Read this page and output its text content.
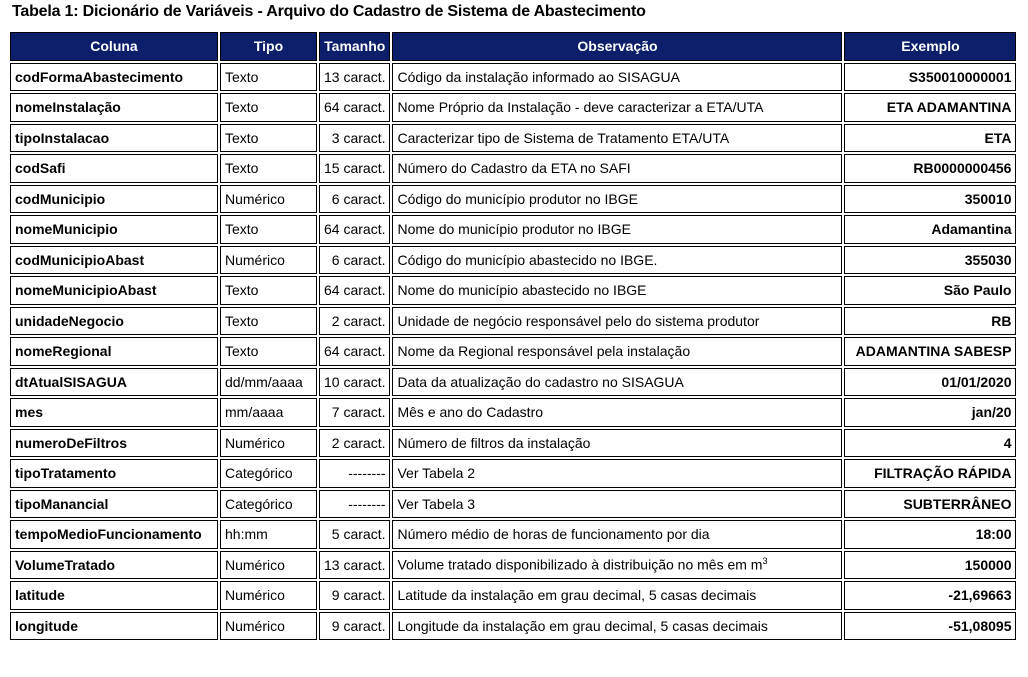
Tabela 1: Dicionário de Variáveis - Arquivo do Cadastro de Sistema de Abastecimento
Coluna	Tipo	Tamanho	Observação	Exemplo
codFormaAbastecimento	Texto	13 caract.	Código da instalação informado ao SISAGUA	S350010000001
nomeInstalação	Texto	64 caract.	Nome Próprio da Instalação - deve caracterizar a ETA/UTA	ETA ADAMANTINA
tipoInstalacao	Texto	3 caract.	Caracterizar tipo de Sistema de Tratamento ETA/UTA	ETA
codSafi	Texto	15 caract.	Número do Cadastro da ETA no SAFI	RB0000000456
codMunicipio	Numérico	6 caract.	Código do município produtor no IBGE	350010
nomeMunicipio	Texto	64 caract.	Nome do município produtor no IBGE	Adamantina
codMunicipioAbast	Numérico	6 caract.	Código do município abastecido no IBGE.	355030
nomeMunicipioAbast	Texto	64 caract.	Nome do município abastecido no IBGE	São Paulo
unidadeNegocio	Texto	2 caract.	Unidade de negócio responsável pelo do sistema produtor	RB
nomeRegional	Texto	64 caract.	Nome da Regional responsável pela instalação	ADAMANTINA SABESP
dtAtualSISAGUA	dd/mm/aaaa	10 caract.	Data da atualização do cadastro no SISAGUA	01/01/2020
mes	mm/aaaa	7 caract.	Mês e ano do Cadastro	jan/20
numeroDeFiltros	Numérico	2 caract.	Número de filtros da instalação	4
tipoTratamento	Categórico	--------	Ver Tabela 2	FILTRAÇÃO RÁPIDA
tipoManancial	Categórico	--------	Ver Tabela 3	SUBTERRÂNEO
tempoMedioFuncionamento	hh:mm	5 caract.	Número médio de horas de funcionamento por dia	18:00
VolumeTratado	Numérico	13 caract.	Volume tratado disponibilizado à distribuição no mês em $m^3$	150000
latitude	Numérico	9 caract.	Latitude da instalação em grau decimal, 5 casas decimais	-21,69663
longitude	Numérico	9 caract.	Longitude da instalação em grau decimal, 5 casas decimais	-51,08095
